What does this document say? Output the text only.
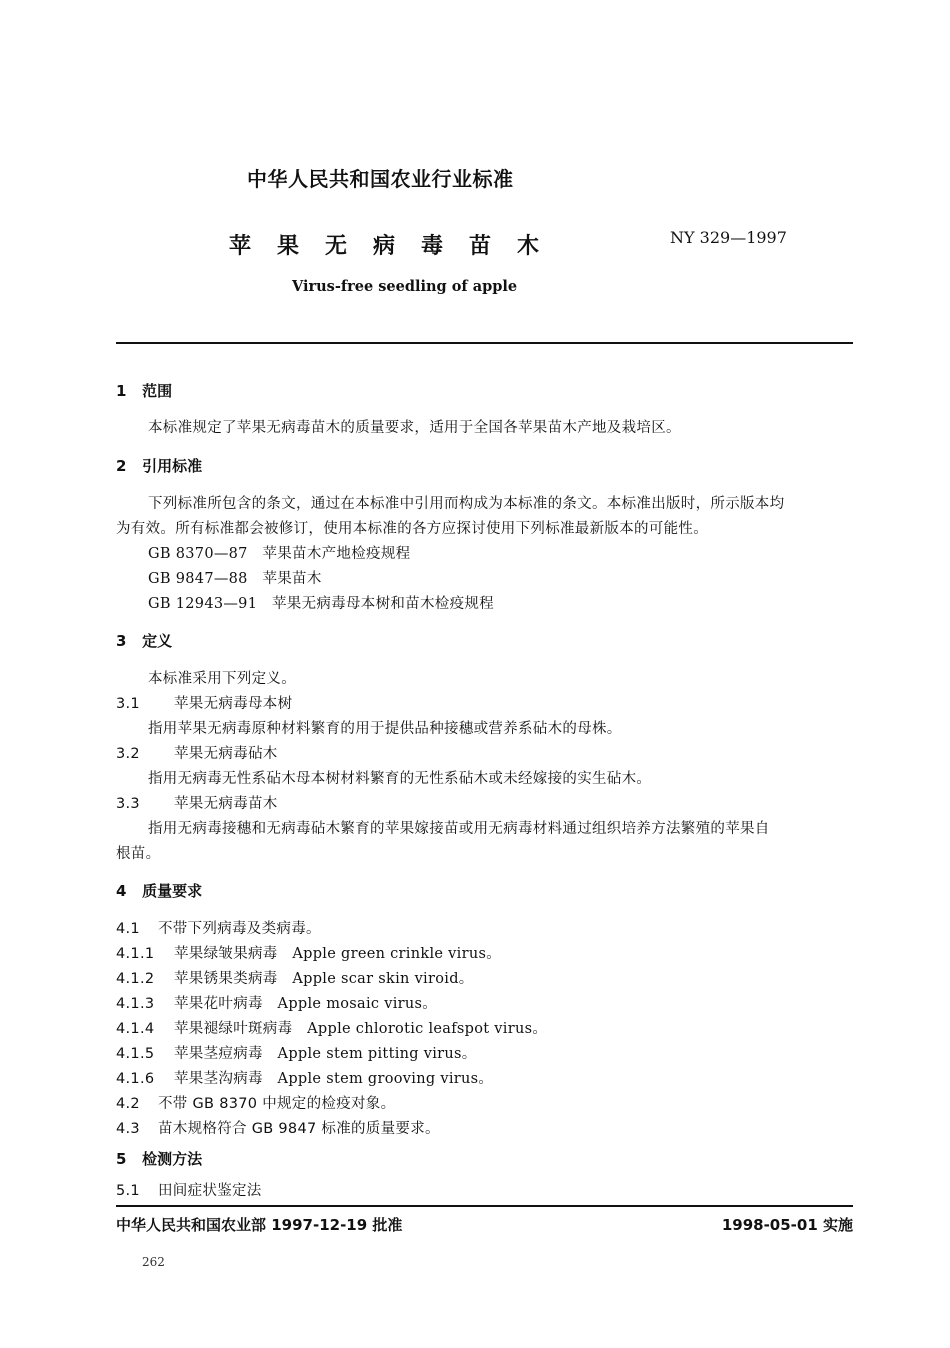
中华人民共和国农业行业标准
苹果无病毒苗木	NY 329—1997
Virus-free seedling of apple
1 范围
本标准规定了苹果无病毒苗木的质量要求，适用于全国各苹果苗木产地及栽培区。
2 引用标准
下列标准所包含的条文，通过在本标准中引用而构成为本标准的条文。本标准出版时，所示版本均
为有效。所有标准都会被修订，使用本标准的各方应探讨使用下列标准最新版本的可能性。
GB 8370—87 苹果苗木产地检疫规程
GB 9847—88 苹果苗木
GB 12943—91 苹果无病毒母本树和苗木检疫规程
3 定义
本标准采用下列定义。
3.1 苹果无病毒母本树
指用苹果无病毒原种材料繁育的用于提供品种接穗或营养系砧木的母株。
3.2 苹果无病毒砧木
指用无病毒无性系砧木母本树材料繁育的无性系砧木或未经嫁接的实生砧木。
3.3 苹果无病毒苗木
指用无病毒接穗和无病毒砧木繁育的苹果嫁接苗或用无病毒材料通过组织培养方法繁殖的苹果自
根苗。
4 质量要求
4.1 不带下列病毒及类病毒。
4.1.1 苹果绿皱果病毒 Apple green crinkle virus。
4.1.2 苹果锈果类病毒 Apple scar skin viroid。
4.1.3 苹果花叶病毒 Apple mosaic virus。
4.1.4 苹果褪绿叶斑病毒 Apple chlorotic leafspot virus。
4.1.5 苹果茎痘病毒 Apple stem pitting virus。
4.1.6 苹果茎沟病毒 Apple stem grooving virus。
4.2 不带 GB 8370 中规定的检疫对象。
4.3 苗木规格符合 GB 9847 标准的质量要求。
5 检测方法
5.1 田间症状鉴定法
中华人民共和国农业部 1997-12-19 批准	1998-05-01 实施
262
